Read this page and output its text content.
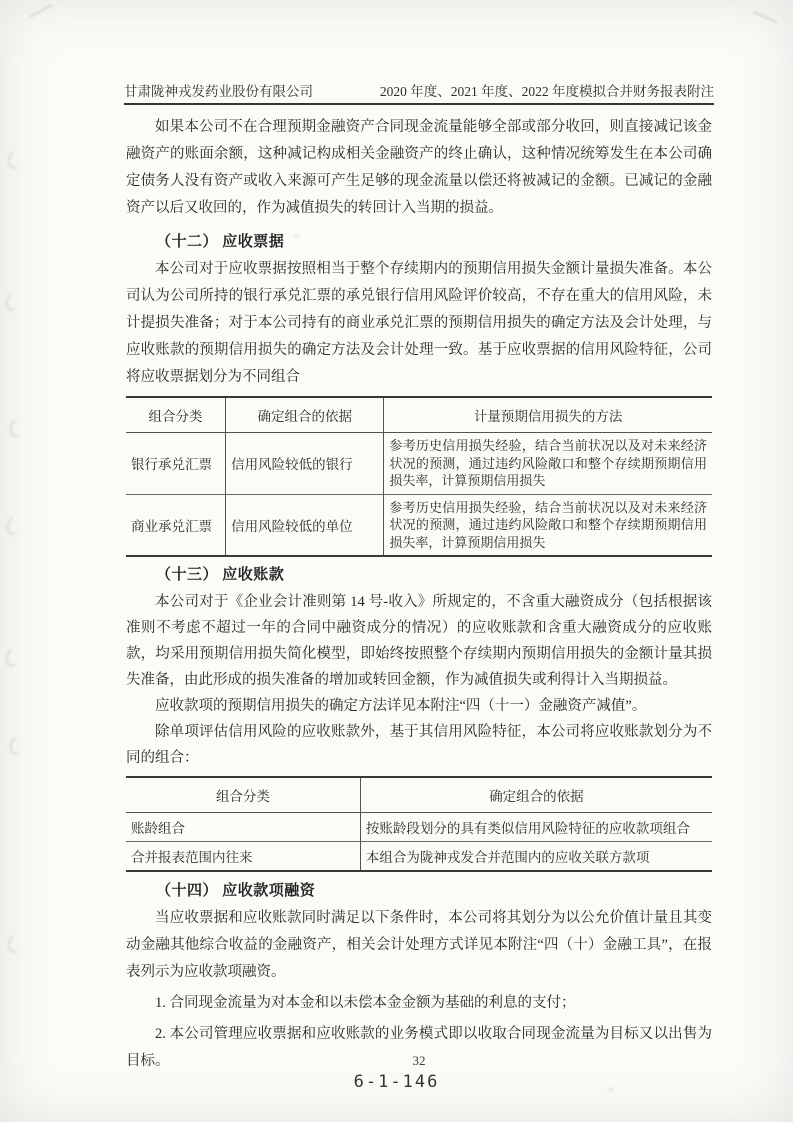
甘肃陇神戎发药业股份有限公司	2020 年度、2021 年度、2022 年度模拟合并财务报表附注

如果本公司不在合理预期金融资产合同现金流量能够全部或部分收回，则直接减记该金融资产的账面余额，这种减记构成相关金融资产的终止确认，这种情况统筹发生在本公司确定债务人没有资产或收入来源可产生足够的现金流量以偿还将被减记的金额。已减记的金融资产以后又收回的，作为减值损失的转回计入当期的损益。

（十二） 应收票据

本公司对于应收票据按照相当于整个存续期内的预期信用损失金额计量损失准备。本公司认为公司所持的银行承兑汇票的承兑银行信用风险评价较高，不存在重大的信用风险，未计提损失准备；对于本公司持有的商业承兑汇票的预期信用损失的确定方法及会计处理，与应收账款的预期信用损失的确定方法及会计处理一致。基于应收票据的信用风险特征，公司将应收票据划分为不同组合

组合分类	确定组合的依据	计量预期信用损失的方法
银行承兑汇票	信用风险较低的银行	参考历史信用损失经验，结合当前状况以及对未来经济状况的预测，通过违约风险敞口和整个存续期预期信用损失率，计算预期信用损失
商业承兑汇票	信用风险较低的单位	参考历史信用损失经验，结合当前状况以及对未来经济状况的预测，通过违约风险敞口和整个存续期预期信用损失率，计算预期信用损失
（十三） 应收账款

本公司对于《企业会计准则第 14 号-收入》所规定的，不含重大融资成分（包括根据该准则不考虑不超过一年的合同中融资成分的情况）的应收账款和含重大融资成分的应收账款，均采用预期信用损失简化模型，即始终按照整个存续期内预期信用损失的金额计量其损失准备，由此形成的损失准备的增加或转回金额，作为减值损失或利得计入当期损益。

应收款项的预期信用损失的确定方法详见本附注“四（十一）金融资产减值”。

除单项评估信用风险的应收账款外，基于其信用风险特征，本公司将应收账款划分为不同的组合：

组合分类	确定组合的依据
账龄组合	按账龄段划分的具有类似信用风险特征的应收款项组合
合并报表范围内往来	本组合为陇神戎发合并范围内的应收关联方款项
（十四） 应收款项融资

当应收票据和应收账款同时满足以下条件时，本公司将其划分为以公允价值计量且其变动金融其他综合收益的金融资产，相关会计处理方式详见本附注“四（十）金融工具”，在报表列示为应收款项融资。

1. 合同现金流量为对本金和以未偿本金金额为基础的利息的支付；

2. 本公司管理应收票据和应收账款的业务模式即以收取合同现金流量为目标又以出售为目标。	32
6-1-146
